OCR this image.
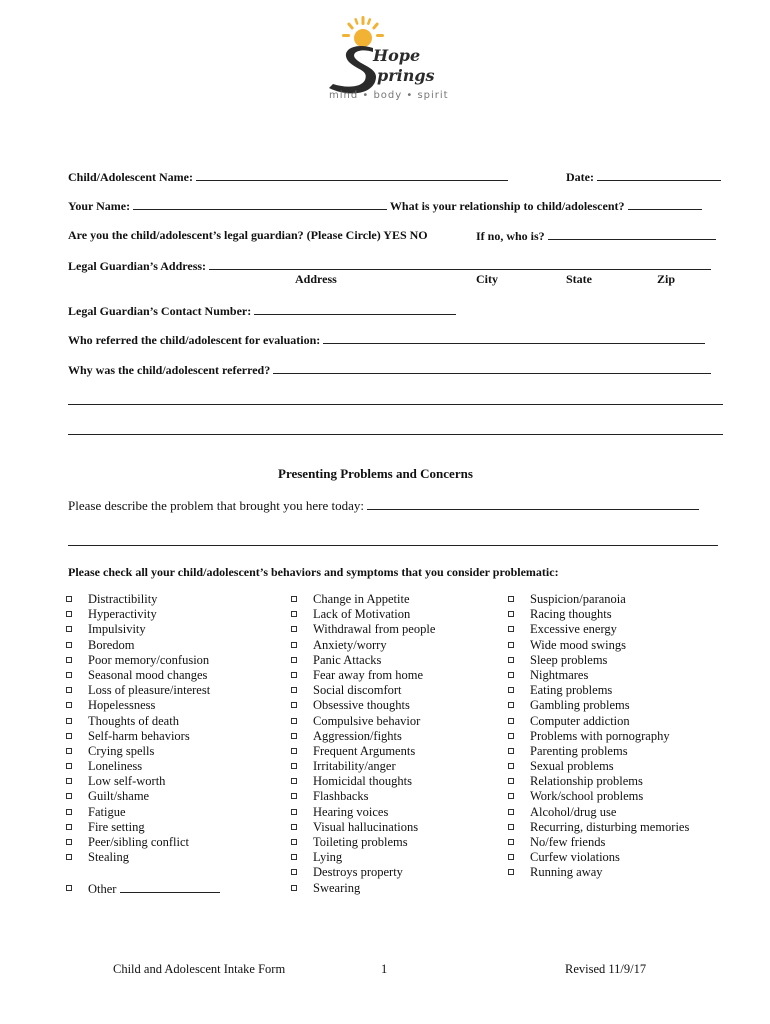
Hope
prings
mind • body • spirit
Child/Adolescent Name:	Date:
Your Name:	What is your relationship to child/adolescent?
Are you the child/adolescent’s legal guardian? (Please Circle) YES NO	If no, who is?
Legal Guardian’s Address:
Address	City	State	Zip
Legal Guardian’s Contact Number:
Who referred the child/adolescent for evaluation:
Why was the child/adolescent referred?
Presenting Problems and Concerns
Please describe the problem that brought you here today:
Please check all your child/adolescent’s behaviors and symptoms that you consider problematic:
Distractibility
Hyperactivity
Impulsivity
Boredom
Poor memory/confusion
Seasonal mood changes
Loss of pleasure/interest
Hopelessness
Thoughts of death
Self-harm behaviors
Crying spells
Loneliness
Low self-worth
Guilt/shame
Fatigue
Fire setting
Peer/sibling conflict
Stealing
Other
Change in Appetite
Lack of Motivation
Withdrawal from people
Anxiety/worry
Panic Attacks
Fear away from home
Social discomfort
Obsessive thoughts
Compulsive behavior
Aggression/fights
Frequent Arguments
Irritability/anger
Homicidal thoughts
Flashbacks
Hearing voices
Visual hallucinations
Toileting problems
Lying
Destroys property
Swearing
Suspicion/paranoia
Racing thoughts
Excessive energy
Wide mood swings
Sleep problems
Nightmares
Eating problems
Gambling problems
Computer addiction
Problems with pornography
Parenting problems
Sexual problems
Relationship problems
Work/school problems
Alcohol/drug use
Recurring, disturbing memories
No/few friends
Curfew violations
Running away
Child and Adolescent Intake Form	1	Revised 11/9/17
